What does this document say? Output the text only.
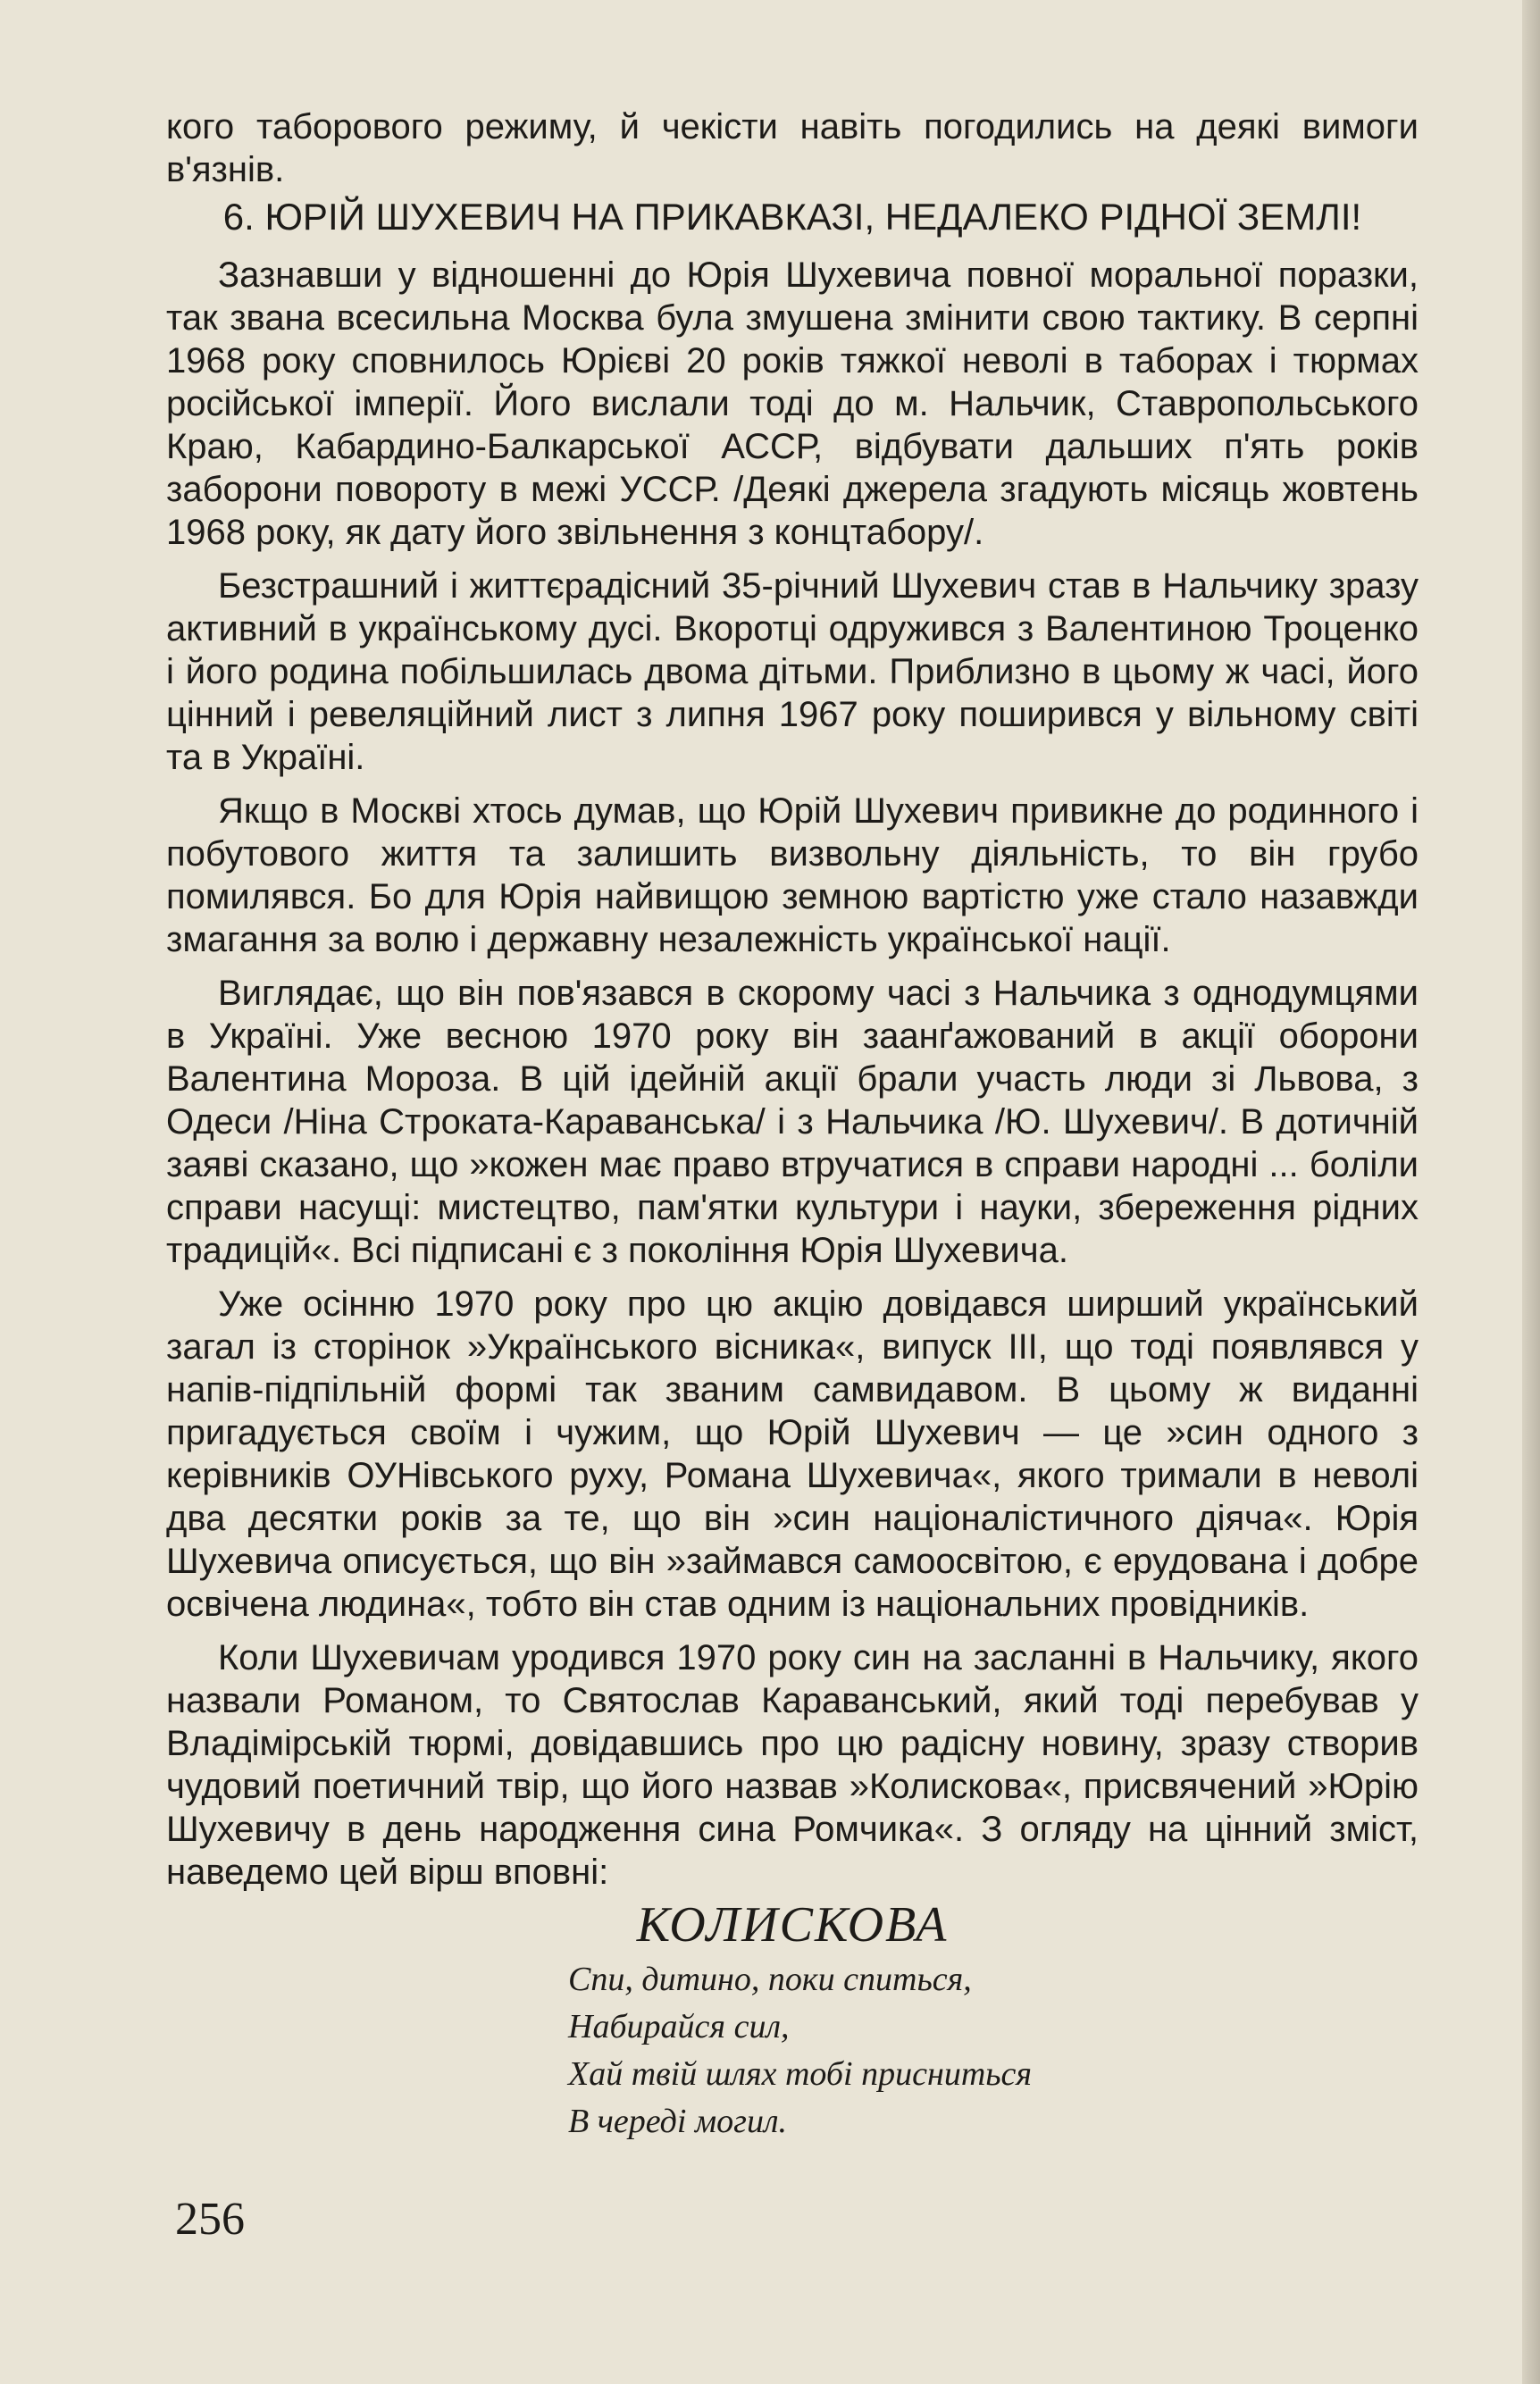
кого таборового режиму, й чекісти навіть погодились на деякі вимоги в'язнів.

6. ЮРІЙ ШУХЕВИЧ НА ПРИКАВКАЗІ, НЕДАЛЕКО РІДНОЇ ЗЕМЛІ!

Зазнавши у відношенні до Юрія Шухевича повної моральної поразки, так звана всесильна Москва була змушена змінити свою тактику. В серпні 1968 року сповнилось Юрієві 20 років тяжкої неволі в таборах і тюрмах російської імперії. Його вислали тоді до м. Нальчик, Ставропольського Краю, Кабардино-Балкарської АССР, відбувати дальших п'ять років заборони повороту в межі УССР. /Деякі джерела згадують місяць жовтень 1968 року, як дату його звільнення з концтабору/.

Безстрашний і життєрадісний 35-річний Шухевич став в Нальчику зразу активний в українському дусі. Вкоротці одружився з Валентиною Троценко і його родина побільшилась двома дітьми. Приблизно в цьому ж часі, його цінний і ревеляційний лист з липня 1967 року поширився у вільному світі та в Україні.

Якщо в Москві хтось думав, що Юрій Шухевич привикне до родинного і побутового життя та залишить визвольну діяльність, то він грубо помилявся. Бо для Юрія найвищою земною вартістю уже стало назавжди змагання за волю і державну незалежність української нації.

Виглядає, що він пов'язався в скорому часі з Нальчика з однодумцями в Україні. Уже весною 1970 року він заанґажований в акції оборони Валентина Мороза. В цій ідейній акції брали участь люди зі Львова, з Одеси /Ніна Строката-Караванська/ і з Нальчика /Ю. Шухевич/. В дотичній заяві сказано, що »кожен має право втручатися в справи народні ... боліли справи насущі: мистецтво, пам'ятки культури і науки, збереження рідних традицій«. Всі підписані є з покоління Юрія Шухевича.

Уже осінню 1970 року про цю акцію довідався ширший український загал із сторінок »Українського вісника«, випуск III, що тоді появлявся у напів-підпільній формі так званим самвидавом. В цьому ж виданні пригадується своїм і чужим, що Юрій Шухевич — це »син одного з керівників ОУНівського руху, Романа Шухевича«, якого тримали в неволі два десятки років за те, що він »син націоналістичного діяча«. Юрія Шухевича описується, що він »займався самоосвітою, є ерудована і добре освічена людина«, тобто він став одним із національних провідників.

Коли Шухевичам уродився 1970 року син на засланні в Нальчику, якого назвали Романом, то Святослав Караванський, який тоді перебував у Владімірській тюрмі, довідавшись про цю радісну новину, зразу створив чудовий поетичний твір, що його назвав »Колискова«, присвячений »Юрію Шухевичу в день народження сина Ромчика«. З огляду на цінний зміст, наведемо цей вірш вповні:

КОЛИСКОВА

Спи, дитино, поки спиться,
Набирайся сил,
Хай твій шлях тобі присниться
В череді могил.
256
